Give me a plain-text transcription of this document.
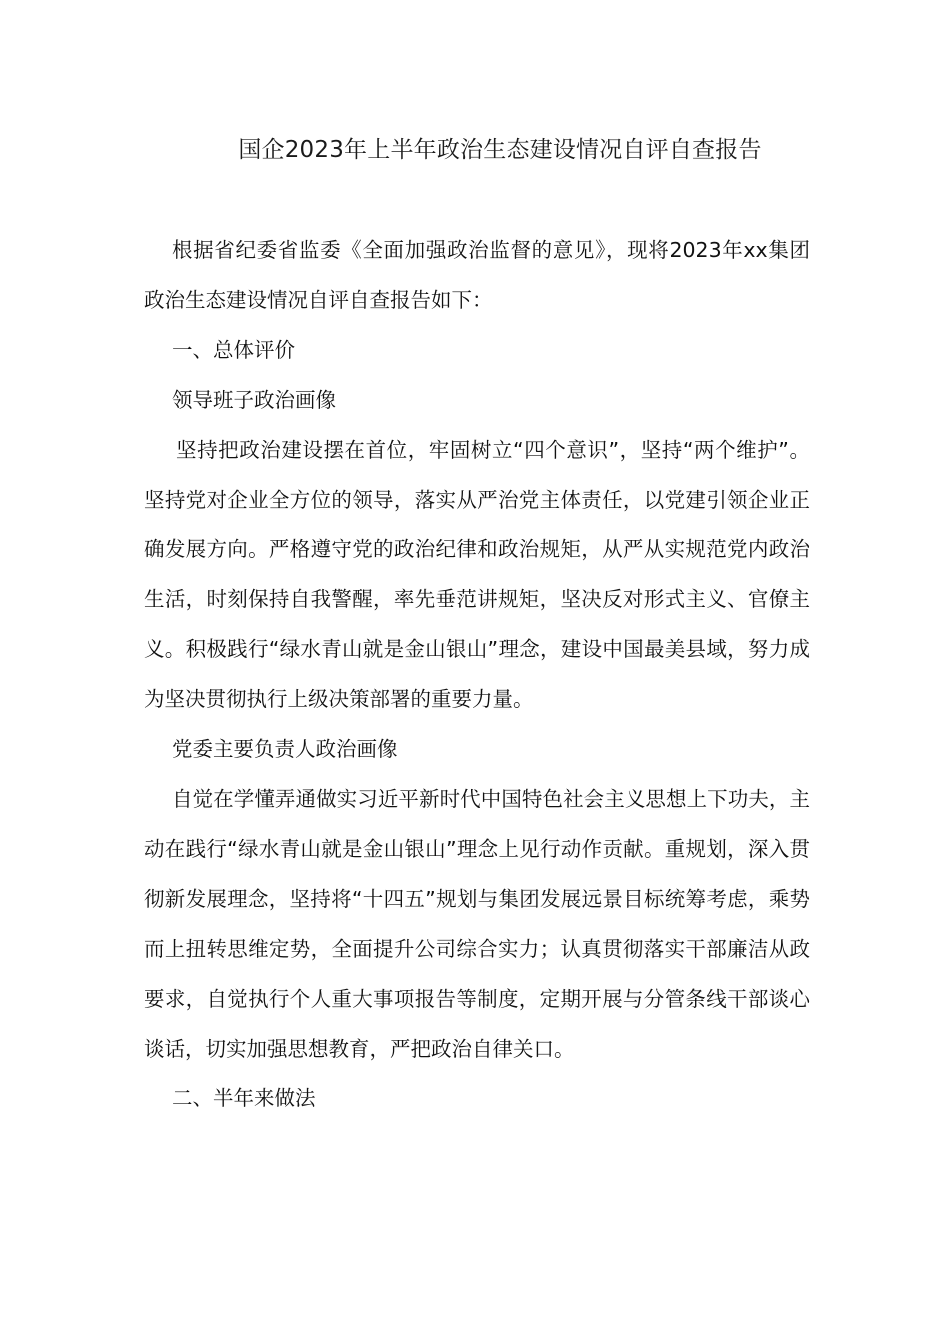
国企2023年上半年政治生态建设情况自评自查报告

根据省纪委省监委《全面加强政治监督的意见》，现将2023年xx集团政治生态建设情况自评自查报告如下：

一、总体评价

领导班子政治画像

坚持把政治建设摆在首位，牢固树立“四个意识”，坚持“两个维护”。坚持党对企业全方位的领导，落实从严治党主体责任，以党建引领企业正确发展方向。严格遵守党的政治纪律和政治规矩，从严从实规范党内政治生活，时刻保持自我警醒，率先垂范讲规矩，坚决反对形式主义、官僚主义。积极践行“绿水青山就是金山银山”理念，建设中国最美县域，努力成为坚决贯彻执行上级决策部署的重要力量。

党委主要负责人政治画像

自觉在学懂弄通做实习近平新时代中国特色社会主义思想上下功夫，主动在践行“绿水青山就是金山银山”理念上见行动作贡献。重规划，深入贯彻新发展理念，坚持将“十四五”规划与集团发展远景目标统筹考虑，乘势而上扭转思维定势，全面提升公司综合实力；认真贯彻落实干部廉洁从政要求，自觉执行个人重大事项报告等制度，定期开展与分管条线干部谈心谈话，切实加强思想教育，严把政治自律关口。

二、半年来做法
